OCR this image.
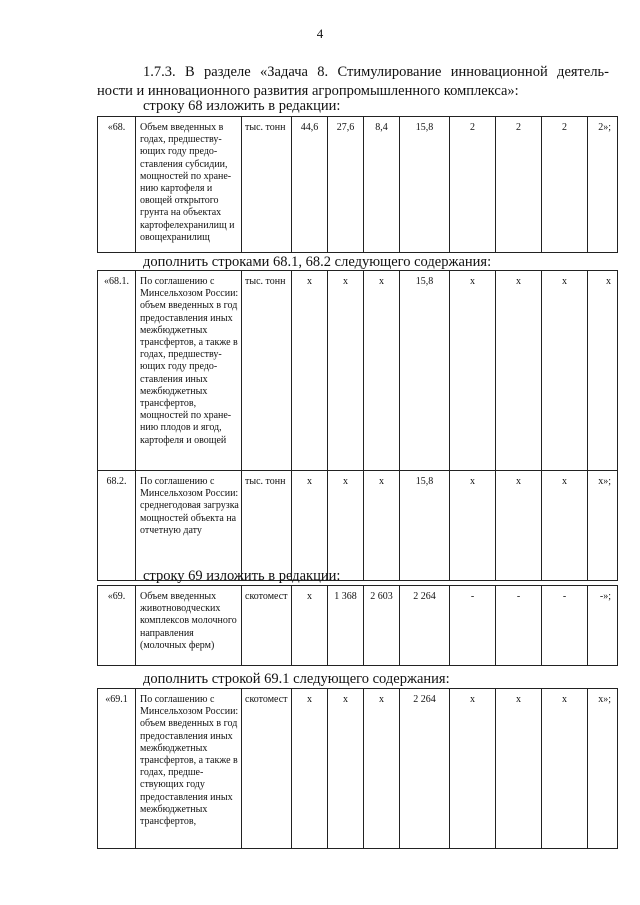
4
1.7.3. В разделе «Задача 8. Стимулирование инновационной деятель-
ности и инновационного развития агропромышленного комплекса»:
строку 68 изложить в редакции:
«68.	Объем введенных в годах, предшеству-ющих году предо-ставления субсидии, мощностей по хране-нию картофеля и овощей открытого грунта на объектах картофелехранилищ и овощехранилищ	тыс. тонн	44,6	27,6	8,4	15,8	2	2	2	2»;
дополнить строками 68.1, 68.2 следующего содержания:
«68.1.	По соглашению с Минсельхозом России: объем введенных в год предоставления иных межбюджетных трансфертов, а также в годах, предшеству-ющих году предо-ставления иных межбюджетных трансфертов, мощностей по хране-нию плодов и ягод, картофеля и овощей	тыс. тонн	x	x	x	15,8	x	x	x	x
68.2.	По соглашению с Минсельхозом России: среднегодовая загрузка мощностей объекта на отчетную дату	тыс. тонн	x	x	x	15,8	x	x	x	x»;
строку 69 изложить в редакции:
«69.	Объем введенных животноводческих комплексов молочного направления (молочных ферм)	скотомест	x	1 368	2 603	2 264	-	-	-	-»;
дополнить строкой 69.1 следующего содержания:
«69.1	По соглашению с Минсельхозом России: объем введенных в год предоставления иных межбюджетных трансфертов, а также в годах, предше-ствующих году предоставления иных межбюджетных трансфертов,	скотомест	x	x	x	2 264	x	x	x	x»;
